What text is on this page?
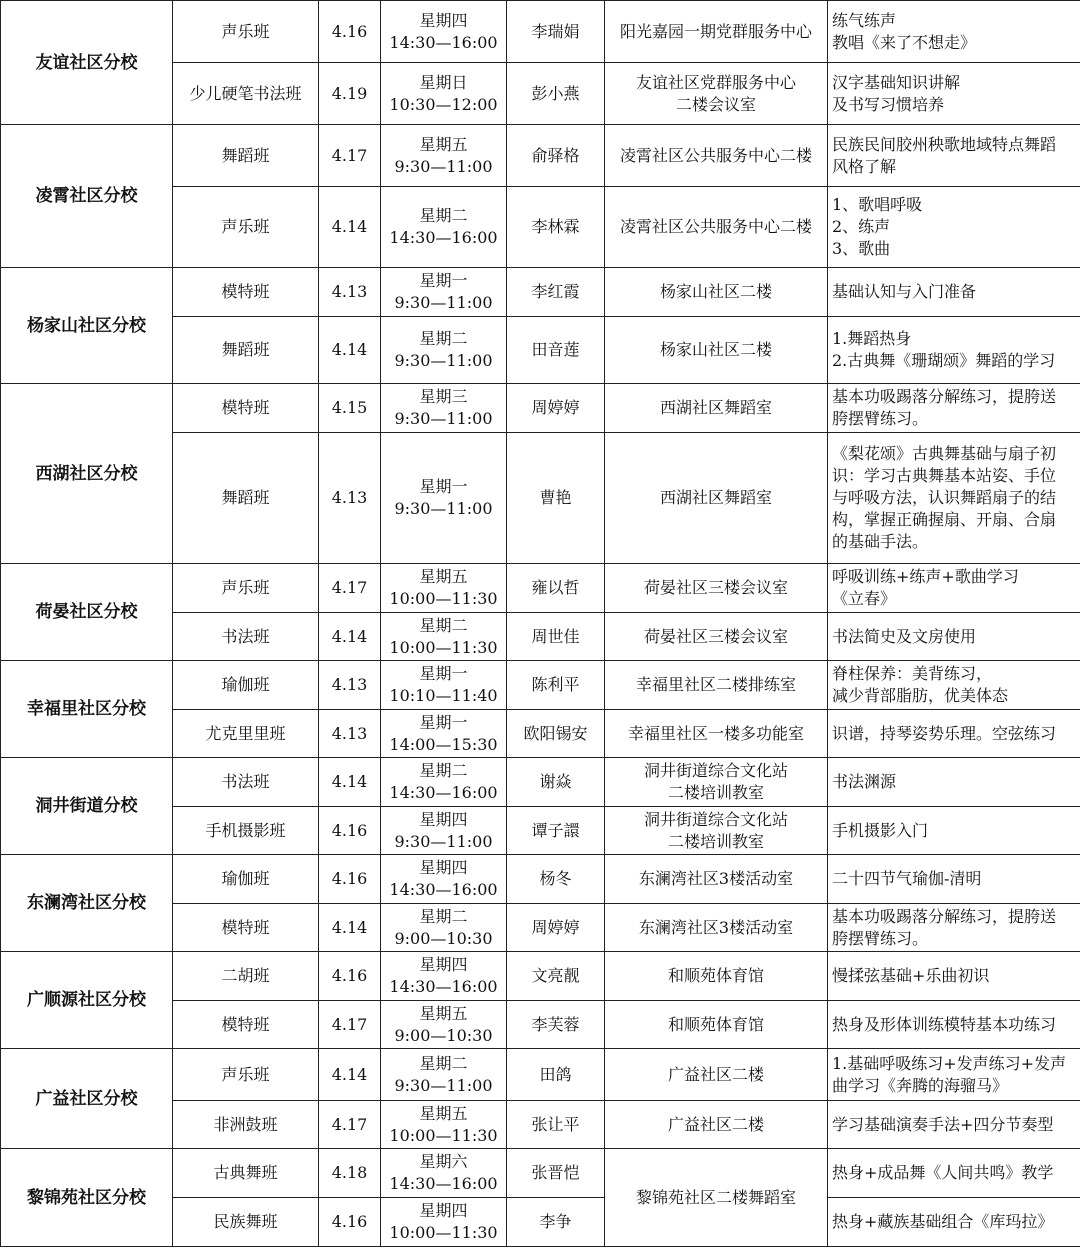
友谊社区分校	声乐班	4.16	星期四
14:30—16:00	李瑞娟	阳光嘉园一期党群服务中心	练气练声
教唱《来了不想走》

	少儿硬笔书法班	4.19	星期日
10:30—12:00	彭小燕	友谊社区党群服务中心
二楼会议室	汉字基础知识讲解
及书写习惯培养

凌霄社区分校	舞蹈班	4.17	星期五
9:30—11:00	俞驿格	凌霄社区公共服务中心二楼	民族民间胶州秧歌地域特点舞蹈
风格了解

	声乐班	4.14	星期二
14:30—16:00	李林霖	凌霄社区公共服务中心二楼	1、歌唱呼吸
2、练声
3、歌曲

杨家山社区分校	模特班	4.13	星期一
9:30—11:00	李红霞	杨家山社区二楼	基础认知与入门准备

	舞蹈班	4.14	星期二
9:30—11:00	田音莲	杨家山社区二楼	1.舞蹈热身
2.古典舞《珊瑚颂》舞蹈的学习

西湖社区分校	模特班	4.15	星期三
9:30—11:00	周婷婷	西湖社区舞蹈室	基本功吸踢落分解练习，提胯送
胯摆臂练习。

	舞蹈班	4.13	星期一
9:30—11:00	曹艳	西湖社区舞蹈室	《梨花颂》古典舞基础与扇子初
识：学习古典舞基本站姿、手位
与呼吸方法，认识舞蹈扇子的结
构，掌握正确握扇、开扇、合扇
的基础手法。

荷晏社区分校	声乐班	4.17	星期五
10:00—11:30	雍以哲	荷晏社区三楼会议室	呼吸训练+练声+歌曲学习
《立春》

	书法班	4.14	星期二
10:00—11:30	周世佳	荷晏社区三楼会议室	书法简史及文房使用

幸福里社区分校	瑜伽班	4.13	星期一
10:10—11:40	陈利平	幸福里社区二楼排练室	脊柱保养：美背练习，
减少背部脂肪，优美体态

	尤克里里班	4.13	星期一
14:00—15:30	欧阳锡安	幸福里社区一楼多功能室	识谱，持琴姿势乐理。空弦练习

洞井街道分校	书法班	4.14	星期二
14:30—16:00	谢焱	洞井街道综合文化站
二楼培训教室	书法渊源

	手机摄影班	4.16	星期四
9:30—11:00	谭子譞	洞井街道综合文化站
二楼培训教室	手机摄影入门

东澜湾社区分校	瑜伽班	4.16	星期四
14:30—16:00	杨冬	东澜湾社区3楼活动室	二十四节气瑜伽-清明

	模特班	4.14	星期二
9:00—10:30	周婷婷	东澜湾社区3楼活动室	基本功吸踢落分解练习，提胯送
胯摆臂练习。

广顺源社区分校	二胡班	4.16	星期四
14:30—16:00	文亮靓	和顺苑体育馆	慢揉弦基础+乐曲初识

	模特班	4.17	星期五
9:00—10:30	李芙蓉	和顺苑体育馆	热身及形体训练模特基本功练习

广益社区分校	声乐班	4.14	星期二
9:30—11:00	田鸽	广益社区二楼	1.基础呼吸练习+发声练习+发声
曲学习《奔腾的海骝马》

	非洲鼓班	4.17	星期五
10:00—11:30	张让平	广益社区二楼	学习基础演奏手法+四分节奏型

黎锦苑社区分校	古典舞班	4.18	星期六
14:30—16:00	张晋恺	黎锦苑社区二楼舞蹈室	热身+成品舞《人间共鸣》教学

	民族舞班	4.16	星期四
10:00—11:30	李争		热身+藏族基础组合《库玛拉》
